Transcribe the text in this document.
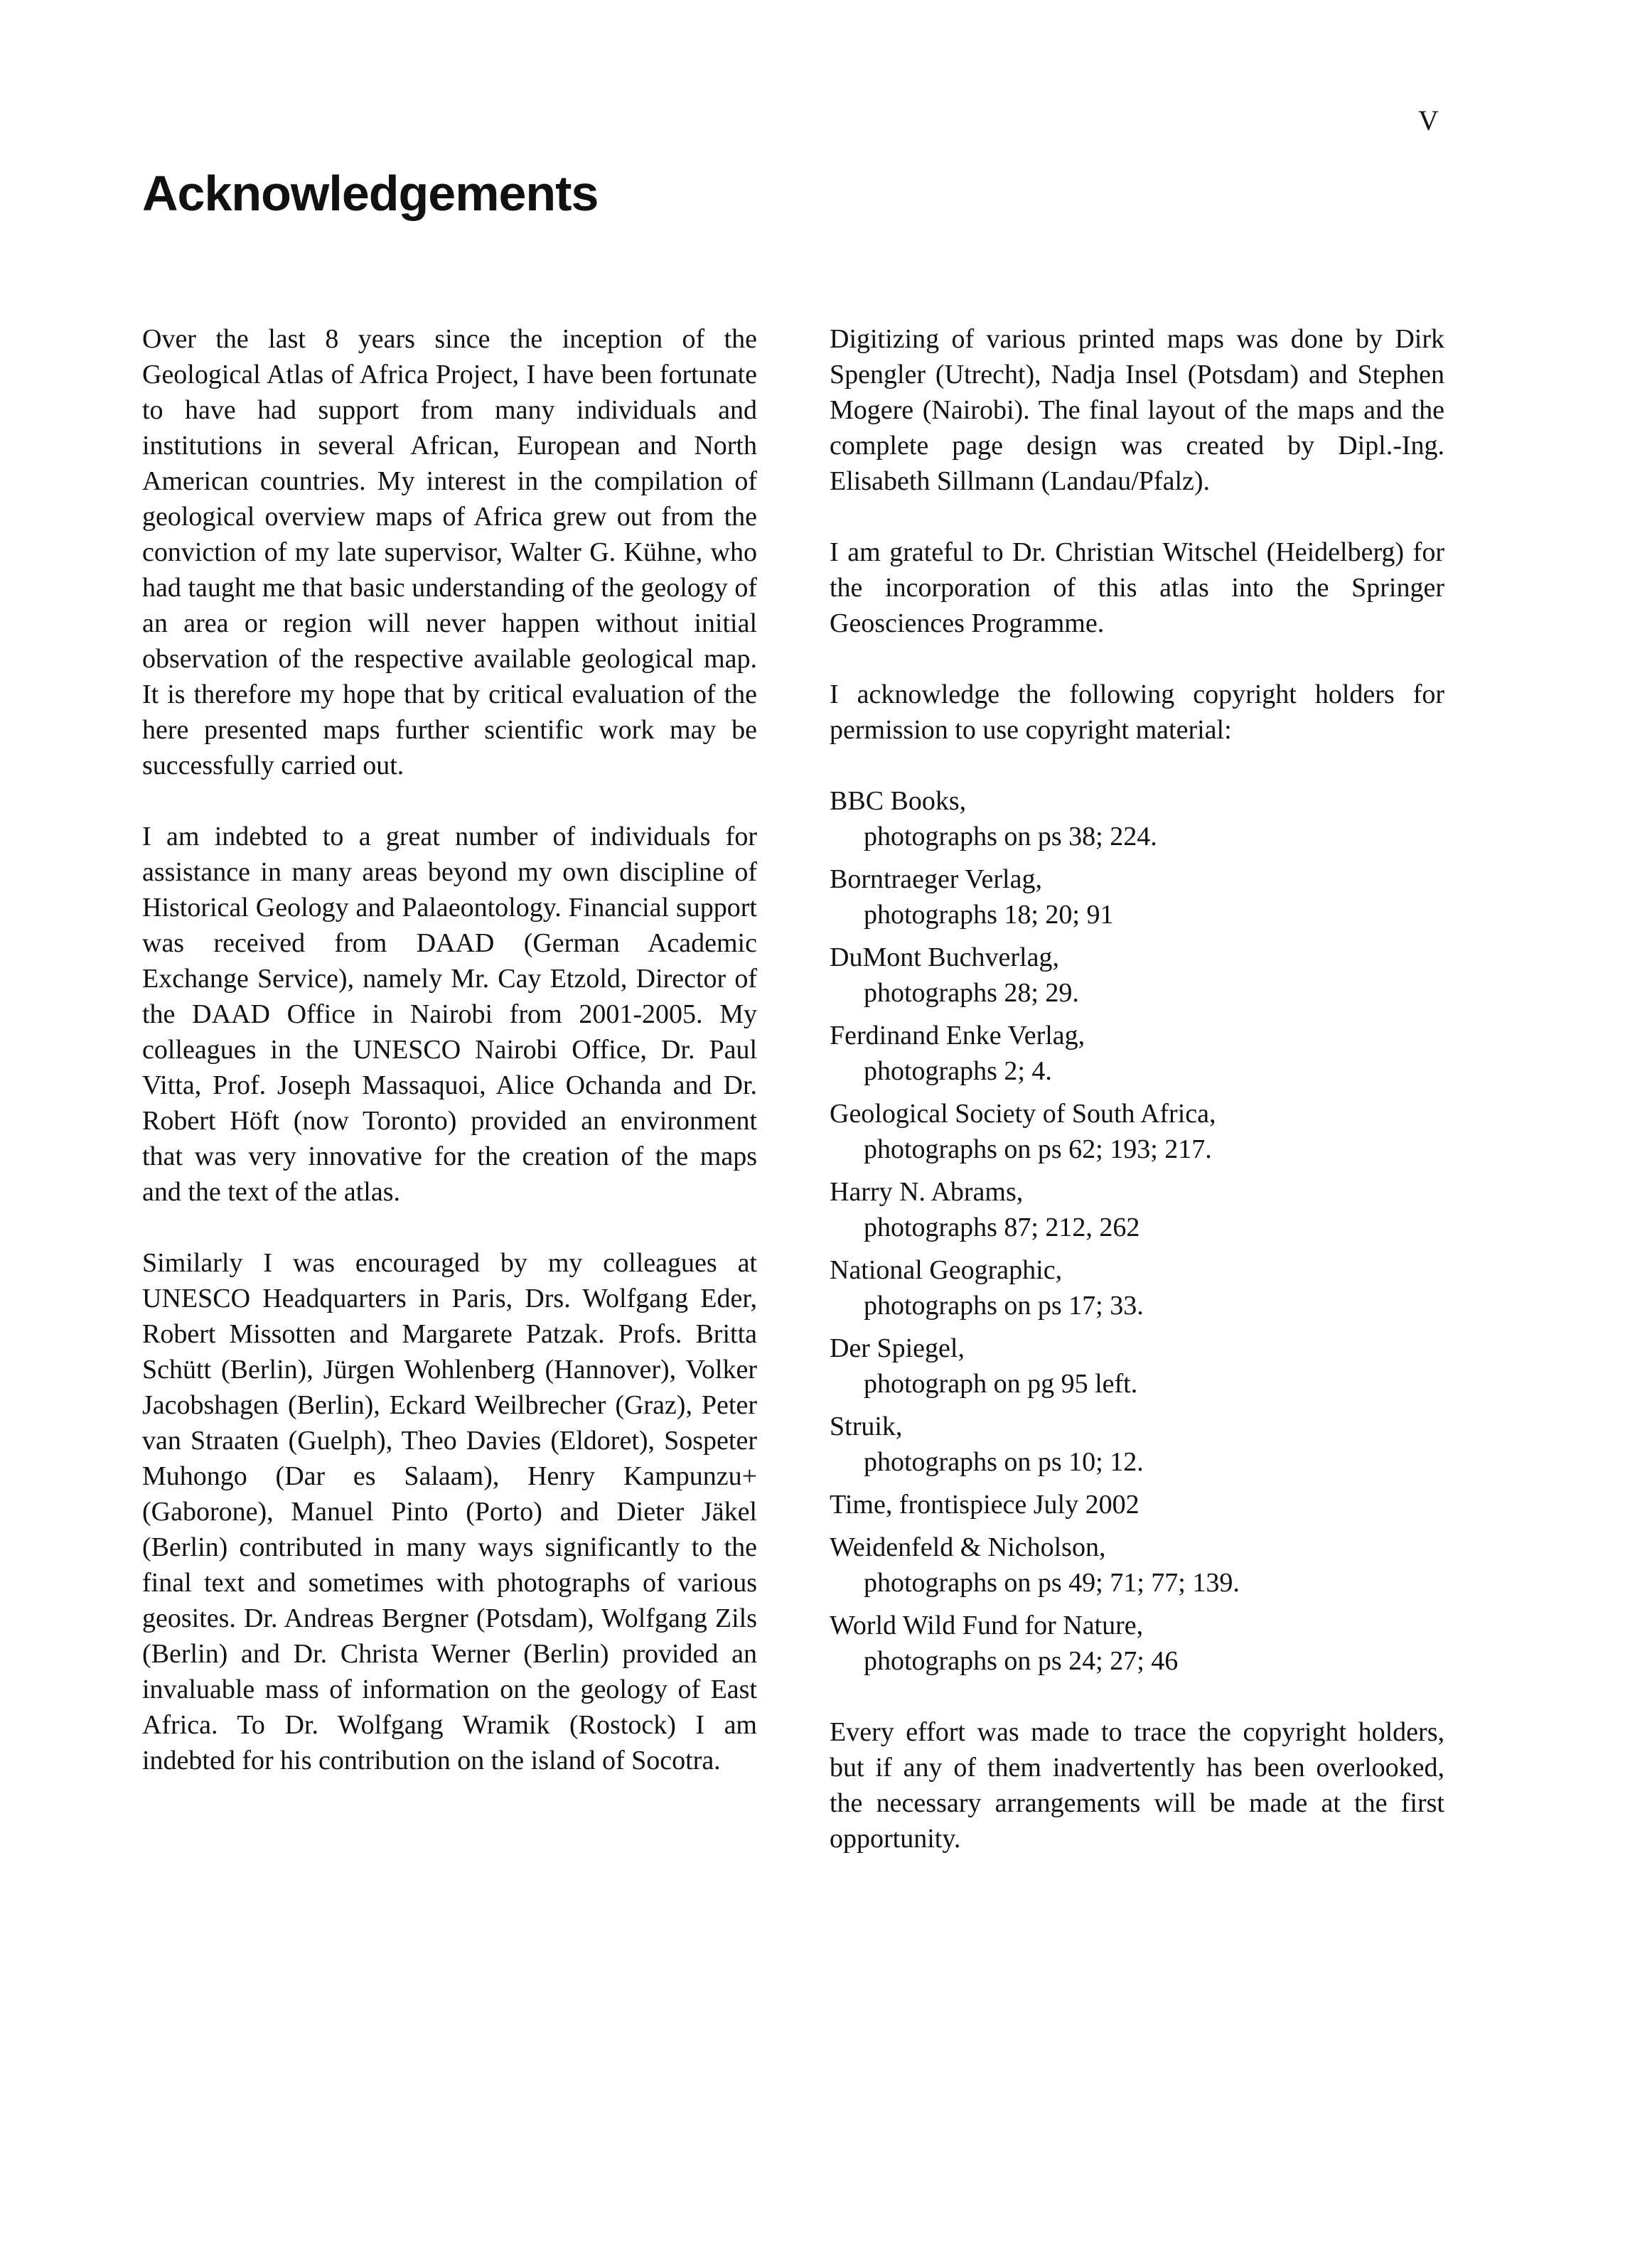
V
Acknowledgements

Over the last 8 years since the inception of the Geological Atlas of Africa Project, I have been fortunate to have had support from many individuals and institutions in several African, European and North American countries. My interest in the compilation of geological overview maps of Africa grew out from the conviction of my late supervisor, Walter G. Kühne, who had taught me that basic understanding of the geology of an area or region will never happen without initial observation of the respective available geological map. It is therefore my hope that by critical evaluation of the here presented maps further scientific work may be successfully carried out.

I am indebted to a great number of individuals for assistance in many areas beyond my own discipline of Historical Geology and Palaeontology. Financial support was received from DAAD (German Academic Exchange Service), namely Mr. Cay Etzold, Director of the DAAD Office in Nairobi from 2001-2005. My colleagues in the UNESCO Nairobi Office, Dr. Paul Vitta, Prof. Joseph Massaquoi, Alice Ochanda and Dr. Robert Höft (now Toronto) provided an environment that was very innovative for the creation of the maps and the text of the atlas.

Similarly I was encouraged by my colleagues at UNESCO Headquarters in Paris, Drs. Wolfgang Eder, Robert Missotten and Margarete Patzak. Profs. Britta Schütt (Berlin), Jürgen Wohlenberg (Hannover), Volker Jacobshagen (Berlin), Eckard Weilbrecher (Graz), Peter van Straaten (Guelph), Theo Davies (Eldoret), Sospeter Muhongo (Dar es Salaam), Henry Kampunzu+ (Gaborone), Manuel Pinto (Porto) and Dieter Jäkel (Berlin) contributed in many ways significantly to the final text and sometimes with photographs of various geosites. Dr. Andreas Bergner (Potsdam), Wolfgang Zils (Berlin) and Dr. Christa Werner (Berlin) provided an invaluable mass of information on the geology of East Africa. To Dr. Wolfgang Wramik (Rostock) I am indebted for his contribution on the island of Socotra.

Digitizing of various printed maps was done by Dirk Spengler (Utrecht), Nadja Insel (Potsdam) and Stephen Mogere (Nairobi). The final layout of the maps and the complete page design was created by Dipl.-Ing. Elisabeth Sillmann (Landau/Pfalz).

I am grateful to Dr. Christian Witschel (Heidelberg) for the incorporation of this atlas into the Springer Geosciences Programme.

I acknowledge the following copyright holders for permission to use copyright material:

BBC Books,
photographs on ps 38; 224.
Borntraeger Verlag,
photographs 18; 20; 91
DuMont Buchverlag,
photographs 28; 29.
Ferdinand Enke Verlag,
photographs 2; 4.
Geological Society of South Africa,
photographs on ps 62; 193; 217.
Harry N. Abrams,
photographs 87; 212, 262
National Geographic,
photographs on ps 17; 33.
Der Spiegel,
photograph on pg 95 left.
Struik,
photographs on ps 10; 12.
Time, frontispiece July 2002
Weidenfeld & Nicholson,
photographs on ps 49; 71; 77; 139.
World Wild Fund for Nature,
photographs on ps 24; 27; 46

Every effort was made to trace the copyright holders, but if any of them inadvertently has been overlooked, the necessary arrangements will be made at the first opportunity.
